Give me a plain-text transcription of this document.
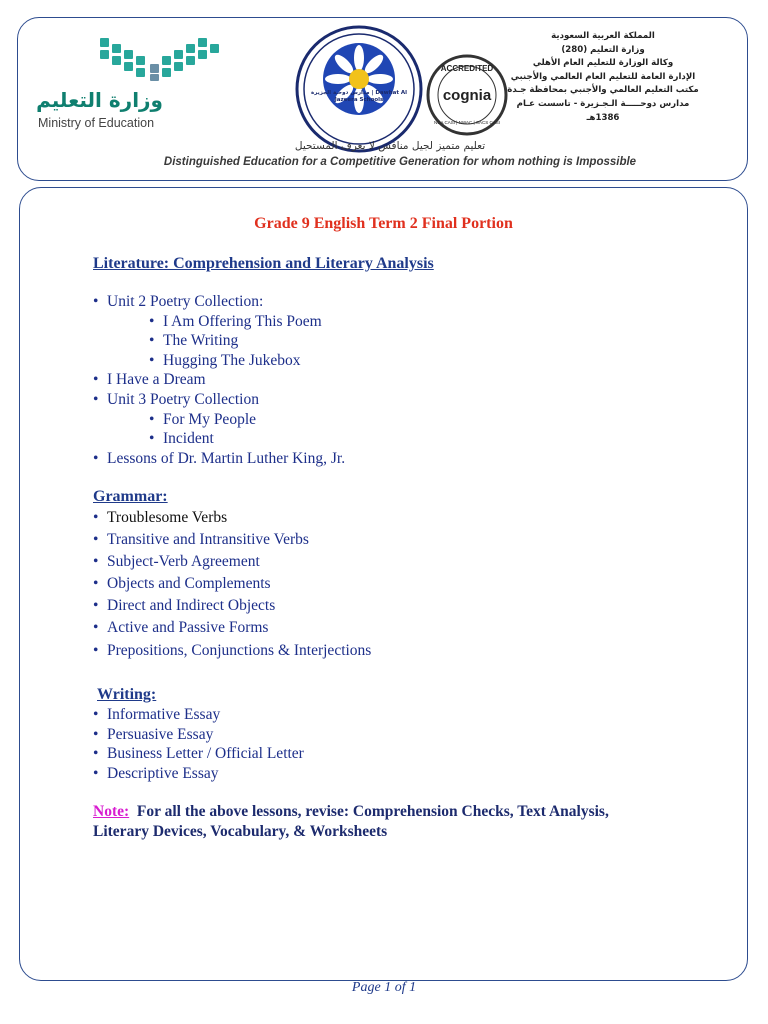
وزارة التعليم
Ministry of Education
مدارس دوحـة الجزيرة | Dawhat Al Jazeera Schools
ACCREDITED
cognia
NCA CASI | NWAC | SACS CASI
المملكة العربية السعودية
وزارة التعليم (280)
وكالة الوزارة للتعليم العام الأهلي
الإدارة العامة للتعليم العام العالمي والأجنبي
مكتب التعليم العالمي والأجنبي بمحافظة جـدة
مدارس دوحـــــة الـجـزيرة - تاسست عـام
1386هـ
تعليم متميز لجيل منافس لا يعرف المستحيل
Distinguished Education for a Competitive Generation for whom nothing is Impossible
Grade 9 English Term 2 Final Portion
Literature: Comprehension and Literary Analysis
• Unit 2 Poetry Collection:
• I Am Offering This Poem
• The Writing
• Hugging The Jukebox
• I Have a Dream
• Unit 3 Poetry Collection
• For My People
• Incident
• Lessons of Dr. Martin Luther King, Jr.
Grammar:
• Troublesome Verbs
• Transitive and Intransitive Verbs
• Subject-Verb Agreement
• Objects and Complements
• Direct and Indirect Objects
• Active and Passive Forms
• Prepositions, Conjunctions & Interjections
Writing:
• Informative Essay
• Persuasive Essay
• Business Letter / Official Letter
• Descriptive Essay
Note: For all the above lessons, revise: Comprehension Checks, Text Analysis, Literary Devices, Vocabulary, & Worksheets
Page 1 of 1
